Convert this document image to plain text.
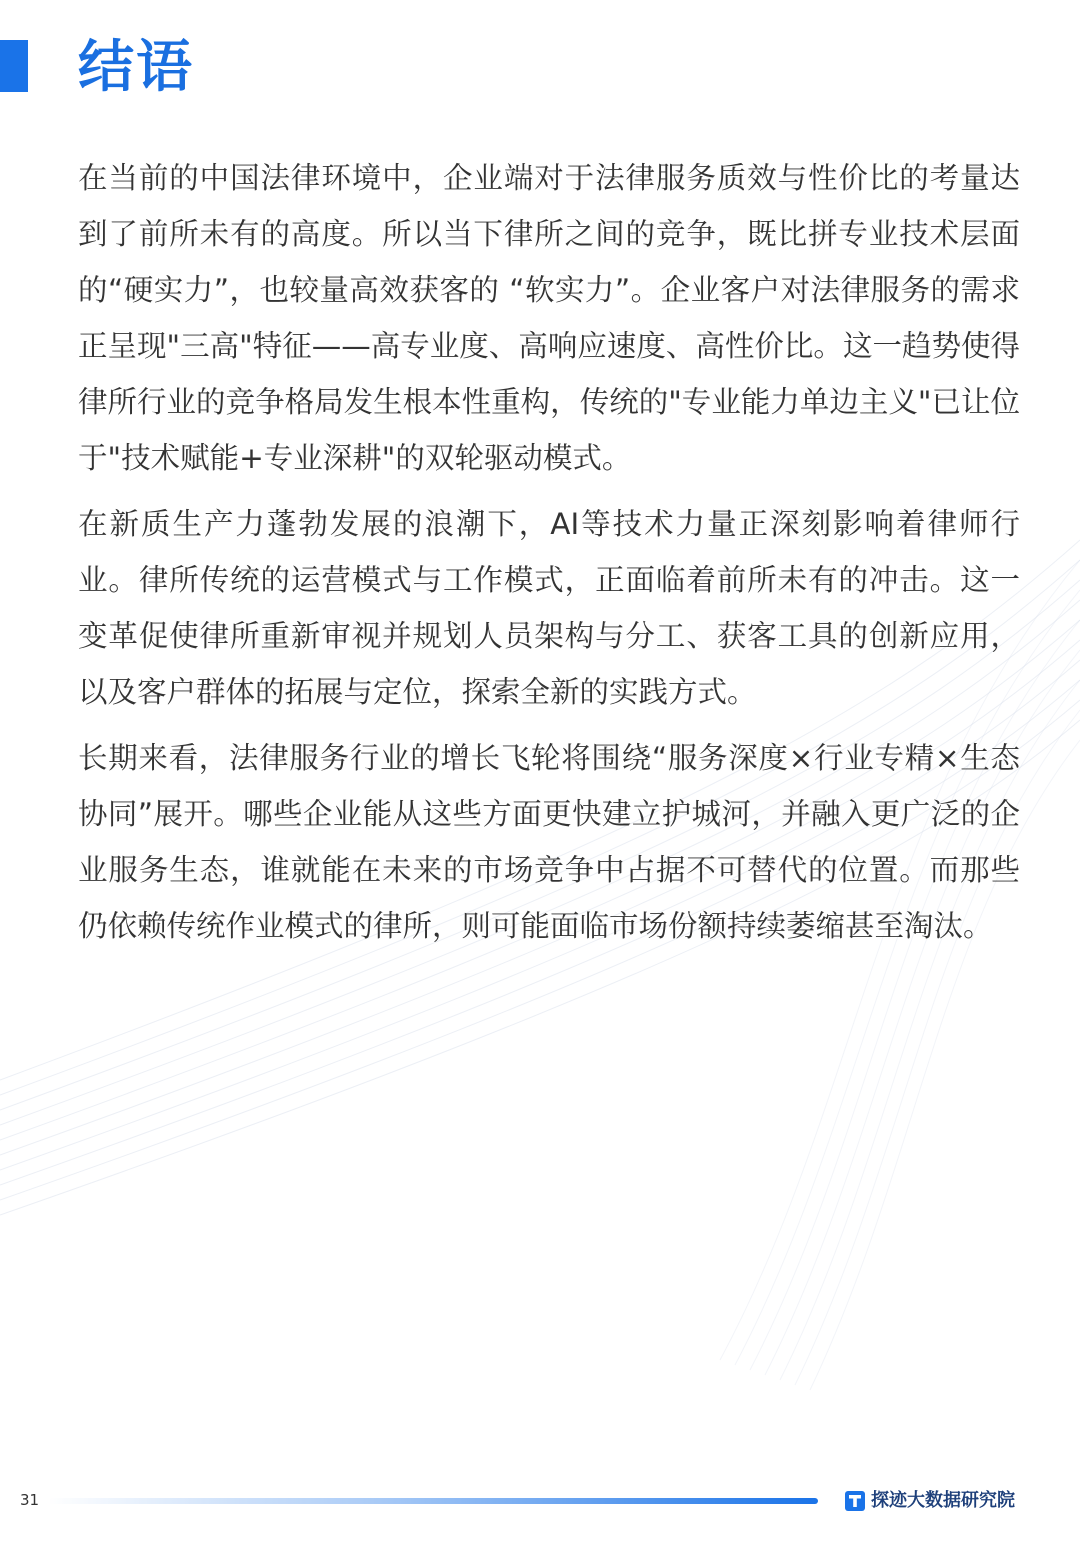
结语

在当前的中国法律环境中，企业端对于法律服务质效与性价比的考量达到了前所未有的高度。所以当下律所之间的竞争，既比拼专业技术层面的“硬实力”，也较量高效获客的 “软实力”。企业客户对法律服务的需求正呈现"三高"特征——高专业度、高响应速度、高性价比。这一趋势使得律所行业的竞争格局发生根本性重构，传统的"专业能力单边主义"已让位于"技术赋能+专业深耕"的双轮驱动模式。

在新质生产力蓬勃发展的浪潮下，AI等技术力量正深刻影响着律师行业。律所传统的运营模式与工作模式，正面临着前所未有的冲击。这一变革促使律所重新审视并规划人员架构与分工、获客工具的创新应用，以及客户群体的拓展与定位，探索全新的实践方式。

长期来看，法律服务行业的增长飞轮将围绕“服务深度×行业专精×生态协同”展开。哪些企业能从这些方面更快建立护城河，并融入更广泛的企业服务生态，谁就能在未来的市场竞争中占据不可替代的位置。而那些仍依赖传统作业模式的律所，则可能面临市场份额持续萎缩甚至淘汰。

31	探迹大数据研究院
